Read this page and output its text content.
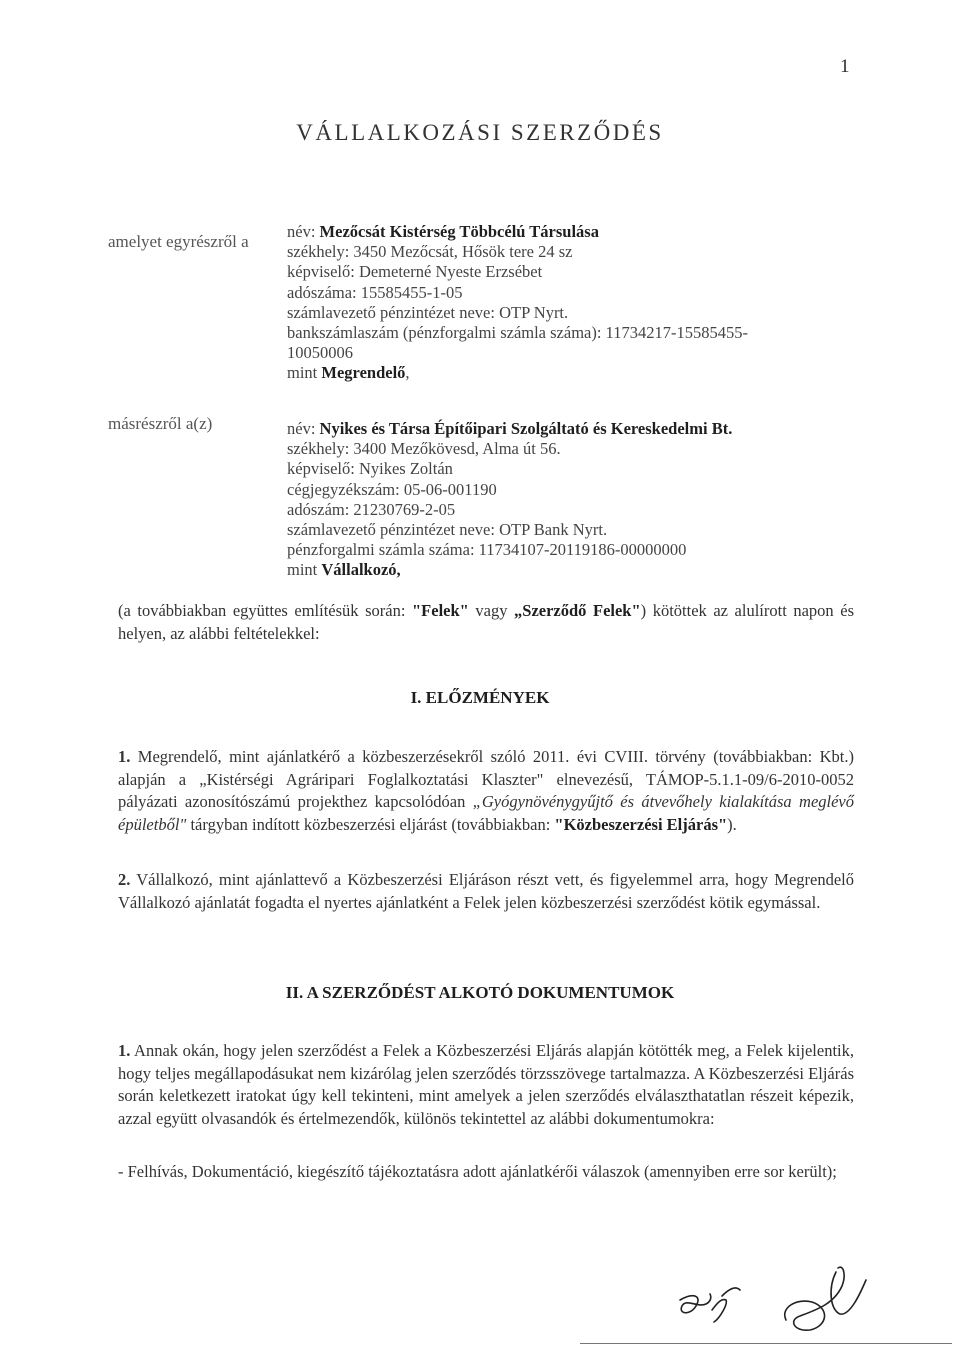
1
VÁLLALKOZÁSI SZERZŐDÉS
amelyet egyrészről a
név: Mezőcsát Kistérség Többcélú Társulása
székhely: 3450 Mezőcsát, Hősök tere 24 sz
képviselő: Demeterné Nyeste Erzsébet
adószáma: 15585455-1-05
számlavezető pénzintézet neve: OTP Nyrt.
bankszámlaszám (pénzforgalmi számla száma): 11734217-15585455-
10050006
mint Megrendelő,
másrészről a(z)	név: Nyikes és Társa Építőipari Szolgáltató és Kereskedelmi Bt.
székhely: 3400 Mezőkövesd, Alma út 56.
képviselő: Nyikes Zoltán
cégjegyzékszám: 05-06-001190
adószám: 21230769-2-05
számlavezető pénzintézet neve: OTP Bank Nyrt.
pénzforgalmi számla száma: 11734107-20119186-00000000
mint Vállalkozó,
(a továbbiakban együttes említésük során: "Felek" vagy „Szerződő Felek") kötöttek az alulírott napon és helyen, az alábbi feltételekkel:
I. ELŐZMÉNYEK
1. Megrendelő, mint ajánlatkérő a közbeszerzésekről szóló 2011. évi CVIII. törvény (továbbiakban: Kbt.) alapján a „Kistérségi Agráripari Foglalkoztatási Klaszter" elnevezésű, TÁMOP-5.1.1-09/6-2010-0052 pályázati azonosítószámú projekthez kapcsolódóan „Gyógynövénygyűjtő és átvevőhely kialakítása meglévő épületből" tárgyban indított közbeszerzési eljárást (továbbiakban: "Közbeszerzési Eljárás").
2. Vállalkozó, mint ajánlattevő a Közbeszerzési Eljáráson részt vett, és figyelemmel arra, hogy Megrendelő Vállalkozó ajánlatát fogadta el nyertes ajánlatként a Felek jelen közbeszerzési szerződést kötik egymással.
II. A SZERZŐDÉST ALKOTÓ DOKUMENTUMOK
1. Annak okán, hogy jelen szerződést a Felek a Közbeszerzési Eljárás alapján kötötték meg, a Felek kijelentik, hogy teljes megállapodásukat nem kizárólag jelen szerződés törzsszövege tartalmazza. A Közbeszerzési Eljárás során keletkezett iratokat úgy kell tekinteni, mint amelyek a jelen szerződés elválaszthatatlan részeit képezik, azzal együtt olvasandók és értelmezendők, különös tekintettel az alábbi dokumentumokra:
- Felhívás, Dokumentáció, kiegészítő tájékoztatásra adott ajánlatkérői válaszok (amennyiben erre sor került);
